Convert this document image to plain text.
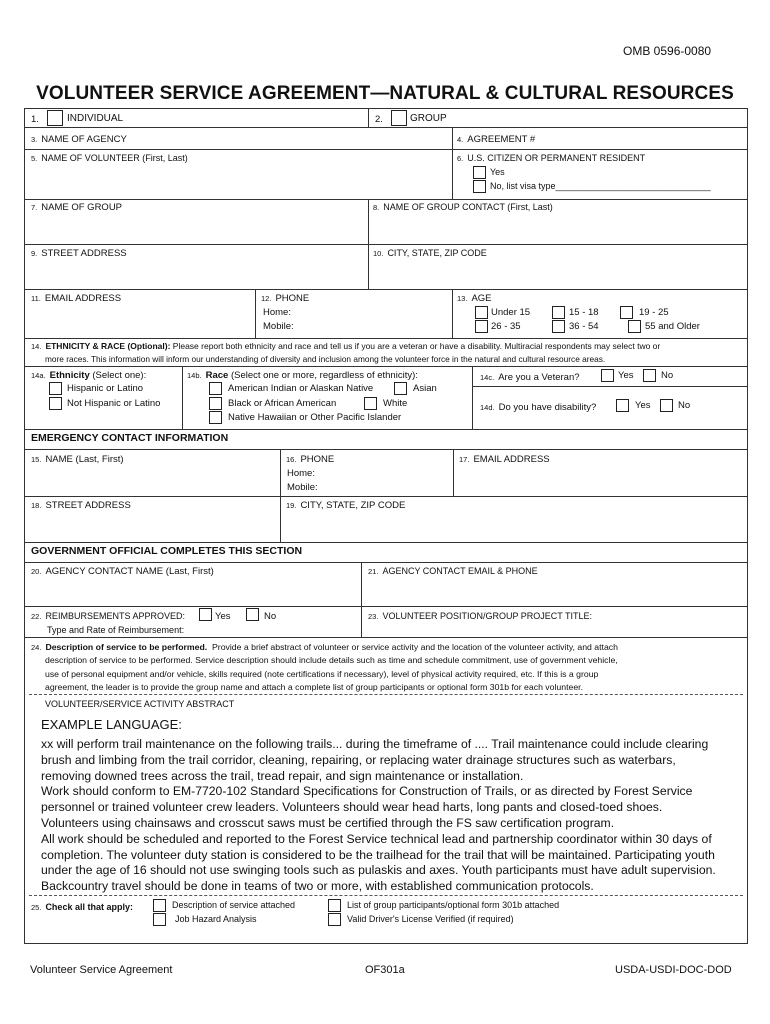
OMB 0596-0080
VOLUNTEER SERVICE AGREEMENT—NATURAL & CULTURAL RESOURCES
1.	INDIVIDUAL	2.	GROUP
3. NAME OF AGENCY	4. AGREEMENT #
5. NAME OF VOLUNTEER (First, Last)	6. U.S. CITIZEN OR PERMANENT RESIDENT
Yes
No, list visa type_______________________________
7. NAME OF GROUP	8. NAME OF GROUP CONTACT (First, Last)
9. STREET ADDRESS	10. CITY, STATE, ZIP CODE
11. EMAIL ADDRESS	12. PHONE
Home:
Mobile:
13. AGE
Under 15	15 - 18	19 - 25
26 - 35	36 - 54	55 and Older
14. ETHNICITY & RACE (Optional): Please report both ethnicity and race and tell us if you are a veteran or have a disability. Multiracial respondents may select two or
more races. This information will inform our understanding of diversity and inclusion among the volunteer force in the natural and cultural resource areas.
14a. Ethnicity (Select one):
Hispanic or Latino
Not Hispanic or Latino
14b. Race (Select one or more, regardless of ethnicity):
American Indian or Alaskan Native	Asian
Black or African American	White
Native Hawaiian or Other Pacific Islander
14c. Are you a Veteran?	Yes	No
14d. Do you have disability?	Yes	No
EMERGENCY CONTACT INFORMATION
15. NAME (Last, First)	16. PHONE
Home:
Mobile:
17. EMAIL ADDRESS
18. STREET ADDRESS	19. CITY, STATE, ZIP CODE
GOVERNMENT OFFICIAL COMPLETES THIS SECTION
20. AGENCY CONTACT NAME (Last, First)	21. AGENCY CONTACT EMAIL & PHONE
22. REIMBURSEMENTS APPROVED:	Yes	No
Type and Rate of Reimbursement:
23. VOLUNTEER POSITION/GROUP PROJECT TITLE:
24. Description of service to be performed. Provide a brief abstract of volunteer or service activity and the location of the volunteer activity, and attach
description of service to be performed. Service description should include details such as time and schedule commitment, use of government vehicle,
use of personal equipment and/or vehicle, skills required (note certifications if necessary), level of physical activity required, etc. If this is a group
agreement, the leader is to provide the group name and attach a complete list of group participants or optional form 301b for each volunteer.
VOLUNTEER/SERVICE ACTIVITY ABSTRACT
EXAMPLE LANGUAGE:
25. Check all that apply:	Description of service attached	List of group participants/optional form 301b attached
Job Hazard Analysis	Valid Driver's License Verified (if required)
xx will perform trail maintenance on the following trails... during the timeframe of .... Trail maintenance could include clearing
brush and limbing from the trail corridor, cleaning, repairing, or replacing water drainage structures such as waterbars,
removing downed trees across the trail, tread repair, and sign maintenance or installation.
Work should conform to EM-7720-102 Standard Specifications for Construction of Trails, or as directed by Forest Service
personnel or trained volunteer crew leaders. Volunteers should wear head harts, long pants and closed-toed shoes.
Volunteers using chainsaws and crosscut saws must be certified through the FS saw certification program.
All work should be scheduled and reported to the Forest Service technical lead and partnership coordinator within 30 days of
completion. The volunteer duty station is considered to be the trailhead for the trail that will be maintained. Participating youth
under the age of 16 should not use swinging tools such as pulaskis and axes. Youth participants must have adult supervision.
Backcountry travel should be done in teams of two or more, with established communication protocols.
Volunteer Service Agreement	OF301a	USDA-USDI-DOC-DOD
